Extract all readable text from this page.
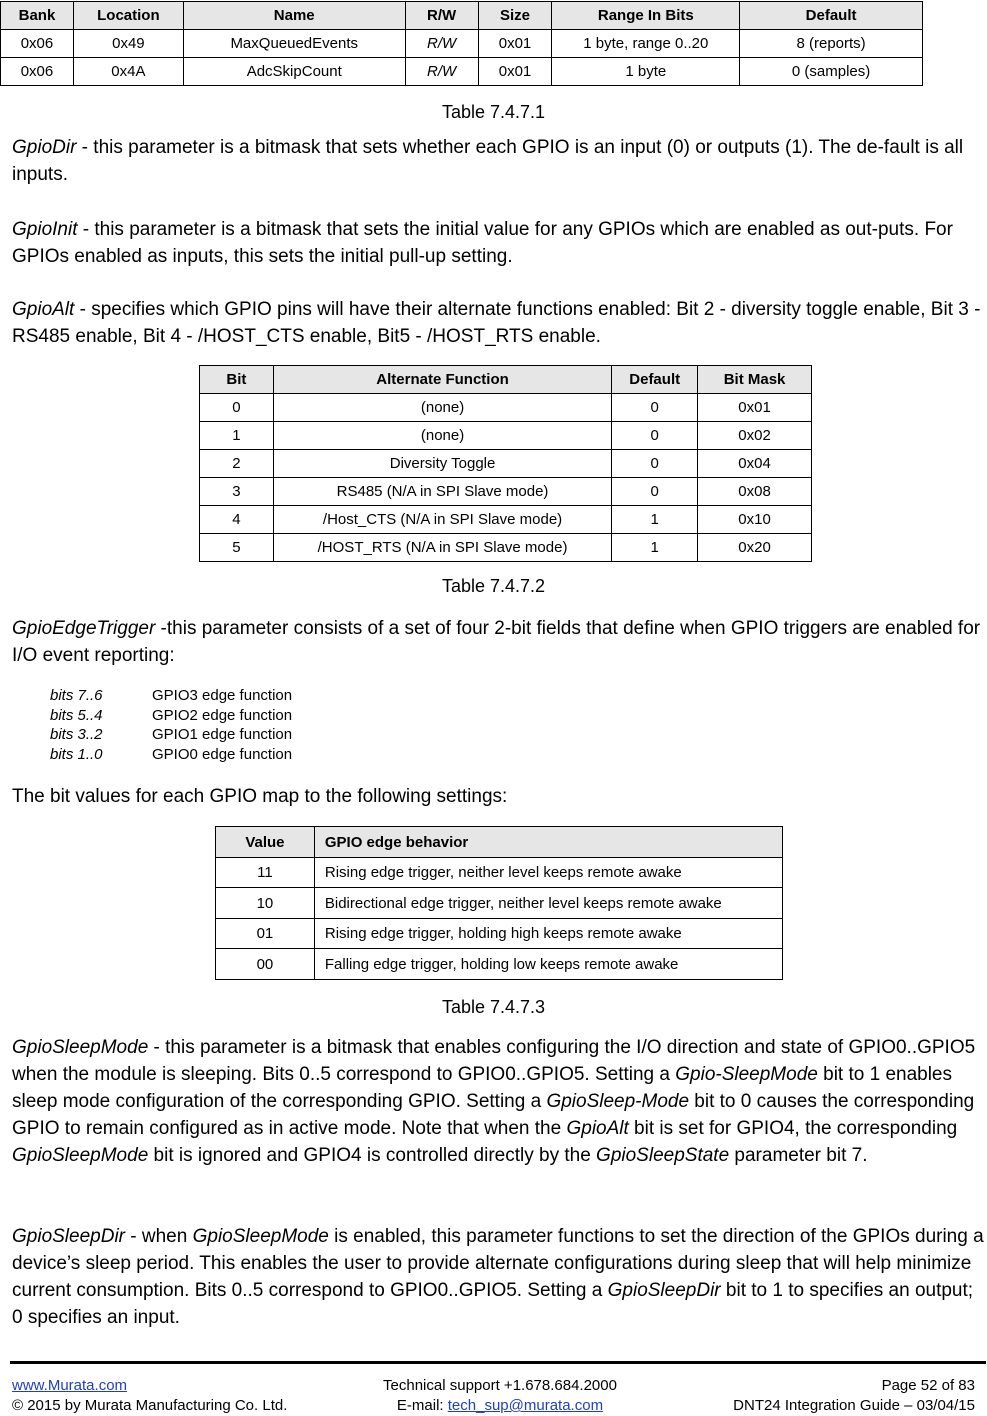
Bank	Location	Name	R/W	Size	Range In Bits	Default
0x06	0x49	MaxQueuedEvents	R/W	0x01	1 byte, range 0..20	8 (reports)
0x06	0x4A	AdcSkipCount	R/W	0x01	1 byte	0 (samples)
Table 7.4.7.1
GpioDir - this parameter is a bitmask that sets whether each GPIO is an input (0) or outputs (1). The de-fault is all inputs.
GpioInit - this parameter is a bitmask that sets the initial value for any GPIOs which are enabled as out-puts. For GPIOs enabled as inputs, this sets the initial pull-up setting.
GpioAlt - specifies which GPIO pins will have their alternate functions enabled: Bit 2 - diversity toggle enable, Bit 3 - RS485 enable, Bit 4 - /HOST_CTS enable, Bit5 - /HOST_RTS enable.
Bit	Alternate Function	Default	Bit Mask
0	(none)	0	0x01
1	(none)	0	0x02
2	Diversity Toggle	0	0x04
3	RS485 (N/A in SPI Slave mode)	0	0x08
4	/Host_CTS (N/A in SPI Slave mode)	1	0x10
5	/HOST_RTS (N/A in SPI Slave mode)	1	0x20
Table 7.4.7.2
GpioEdgeTrigger -this parameter consists of a set of four 2-bit fields that define when GPIO triggers are enabled for I/O event reporting:
bits 7..6	GPIO3 edge function
bits 5..4	GPIO2 edge function
bits 3..2	GPIO1 edge function
bits 1..0	GPIO0 edge function
The bit values for each GPIO map to the following settings:
Value	GPIO edge behavior
11	Rising edge trigger, neither level keeps remote awake
10	Bidirectional edge trigger, neither level keeps remote awake
01	Rising edge trigger, holding high keeps remote awake
00	Falling edge trigger, holding low keeps remote awake
Table 7.4.7.3
GpioSleepMode - this parameter is a bitmask that enables configuring the I/O direction and state of GPIO0..GPIO5 when the module is sleeping. Bits 0..5 correspond to GPIO0..GPIO5. Setting a Gpio-SleepMode bit to 1 enables sleep mode configuration of the corresponding GPIO. Setting a GpioSleep-Mode bit to 0 causes the corresponding GPIO to remain configured as in active mode. Note that when the GpioAlt bit is set for GPIO4, the corresponding GpioSleepMode bit is ignored and GPIO4 is controlled directly by the GpioSleepState parameter bit 7.
GpioSleepDir - when GpioSleepMode is enabled, this parameter functions to set the direction of the GPIOs during a device’s sleep period. This enables the user to provide alternate configurations during sleep that will help minimize current consumption. Bits 0..5 correspond to GPIO0..GPIO5. Setting a GpioSleepDir bit to 1 to specifies an output; 0 specifies an input.
www.Murata.com
© 2015 by Murata Manufacturing Co. Ltd.
Technical support +1.678.684.2000
E-mail: tech_sup@murata.com
Page 52 of 83
DNT24 Integration Guide – 03/04/15
